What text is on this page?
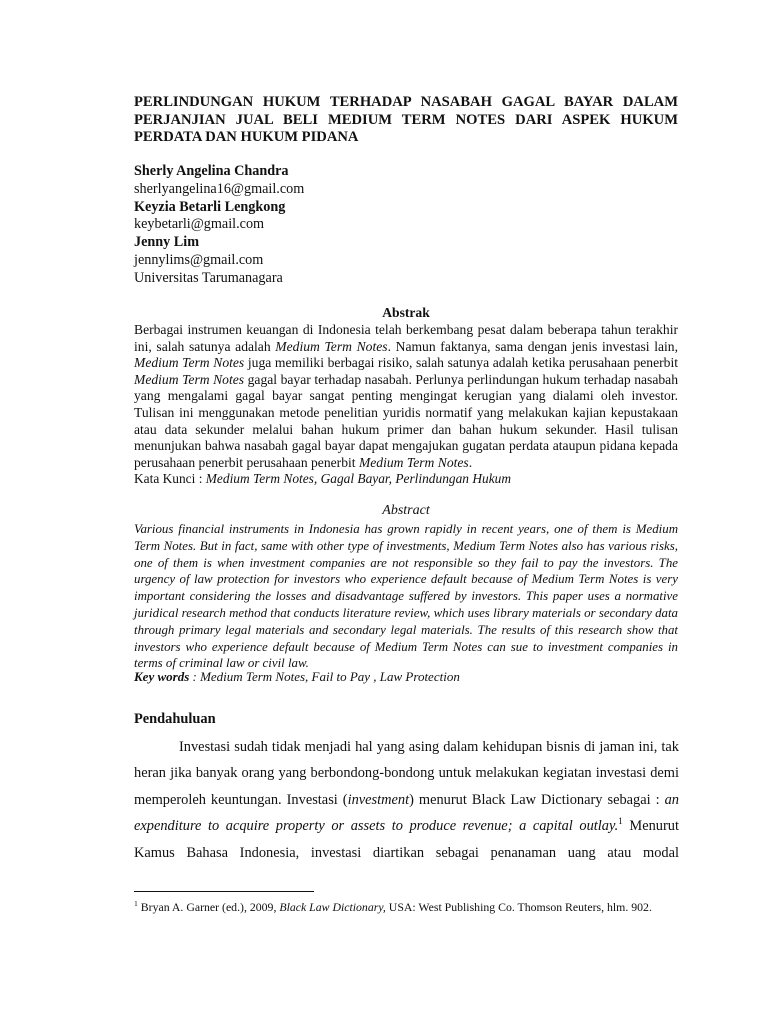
PERLINDUNGAN HUKUM TERHADAP NASABAH GAGAL BAYAR DALAM PERJANJIAN JUAL BELI MEDIUM TERM NOTES DARI ASPEK HUKUM PERDATA DAN HUKUM PIDANA
Sherly Angelina Chandra
sherlyangelina16@gmail.com
Keyzia Betarli Lengkong
keybetarli@gmail.com
Jenny Lim
jennylims@gmail.com
Universitas Tarumanagara
Abstrak

Berbagai instrumen keuangan di Indonesia telah berkembang pesat dalam beberapa tahun terakhir ini, salah satunya adalah Medium Term Notes. Namun faktanya, sama dengan jenis investasi lain, Medium Term Notes juga memiliki berbagai risiko, salah satunya adalah ketika perusahaan penerbit Medium Term Notes gagal bayar terhadap nasabah. Perlunya perlindungan hukum terhadap nasabah yang mengalami gagal bayar sangat penting mengingat kerugian yang dialami oleh investor. Tulisan ini menggunakan metode penelitian yuridis normatif yang melakukan kajian kepustakaan atau data sekunder melalui bahan hukum primer dan bahan hukum sekunder. Hasil tulisan menunjukan bahwa nasabah gagal bayar dapat mengajukan gugatan perdata ataupun pidana kepada perusahaan penerbit perusahaan penerbit Medium Term Notes.

Kata Kunci : Medium Term Notes, Gagal Bayar, Perlindungan Hukum
Abstract
Various financial instruments in Indonesia has grown rapidly in recent years, one of them is Medium Term Notes. But in fact, same with other type of investments, Medium Term Notes also has various risks, one of them is when investment companies are not responsible so they fail to pay the investors. The urgency of law protection for investors who experience default because of Medium Term Notes is very important considering the losses and disadvantage suffered by investors. This paper uses a normative juridical research method that conducts literature review, which uses library materials or secondary data through primary legal materials and secondary legal materials. The results of this research show that investors who experience default because of Medium Term Notes can sue to investment companies in terms of criminal law or civil law.
Key words : Medium Term Notes, Fail to Pay , Law Protection
Pendahuluan

Investasi sudah tidak menjadi hal yang asing dalam kehidupan bisnis di jaman ini, tak heran jika banyak orang yang berbondong-bondong untuk melakukan kegiatan investasi demi memperoleh keuntungan. Investasi (investment) menurut Black Law Dictionary sebagai : an expenditure to acquire property or assets to produce revenue; a capital outlay.$^1$ Menurut Kamus Bahasa Indonesia, investasi diartikan sebagai penanaman uang atau modal

$^1$ Bryan A. Garner (ed.), 2009, Black Law Dictionary, USA: West Publishing Co. Thomson Reuters, hlm. 902.
